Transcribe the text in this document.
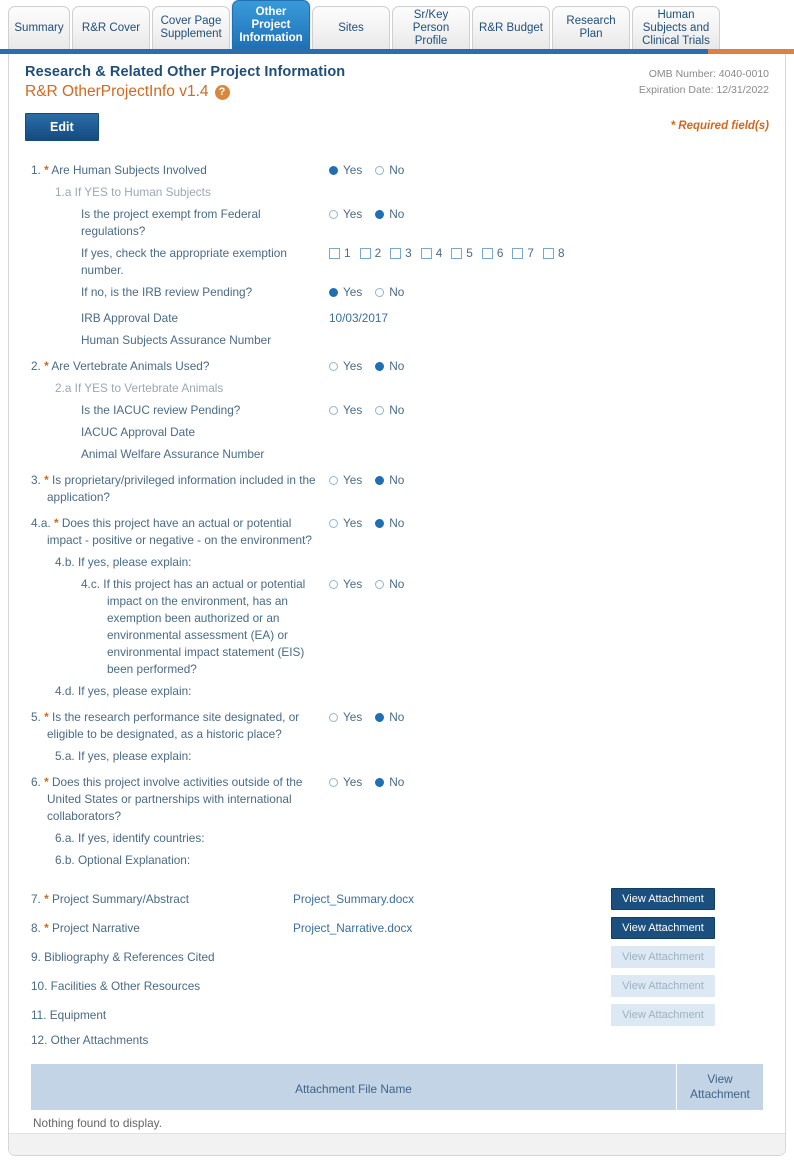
Summary R&R Cover
Cover Page Supplement
Other Project Information
Sites
Sr/Key Person Profile
R&R Budget
Research Plan
Human Subjects and Clinical Trials
Research & Related Other Project Information
R&R OtherProjectInfo v1.4 ?
OMB Number: 4040-0010
Expiration Date: 12/31/2022
* Required field(s)
Edit
1. * Are Human Subjects Involved	Yes No
1.a If YES to Human Subjects
Is the project exempt from Federal regulations?
Yes No
If yes, check the appropriate exemption number.
1 2 3 4 5 6 7 8
If no, is the IRB review Pending?	Yes No
IRB Approval Date	10/03/2017
Human Subjects Assurance Number
2. * Are Vertebrate Animals Used?	Yes No
2.a If YES to Vertebrate Animals
Is the IACUC review Pending?	Yes No
IACUC Approval Date
Animal Welfare Assurance Number
3. * Is proprietary/privileged information included in the application?
Yes No
4.a. * Does this project have an actual or potential impact - positive or negative - on the environment?
Yes No
4.b. If yes, please explain:
4.c. If this project has an actual or potential impact on the environment, has an exemption been authorized or an environmental assessment (EA) or environmental impact statement (EIS) been performed?
Yes No
4.d. If yes, please explain:
5. * Is the research performance site designated, or eligible to be designated, as a historic place?
Yes No
5.a. If yes, please explain:
6. * Does this project involve activities outside of the United States or partnerships with international collaborators?
Yes No
6.a. If yes, identify countries:
6.b. Optional Explanation:
7. * Project Summary/Abstract	Project_Summary.docx	View Attachment
8. * Project Narrative	Project_Narrative.docx	View Attachment
9. Bibliography & References Cited	View Attachment
10. Facilities & Other Resources	View Attachment
11. Equipment	View Attachment
12. Other Attachments
Attachment File Name
View Attachment
Nothing found to display.
